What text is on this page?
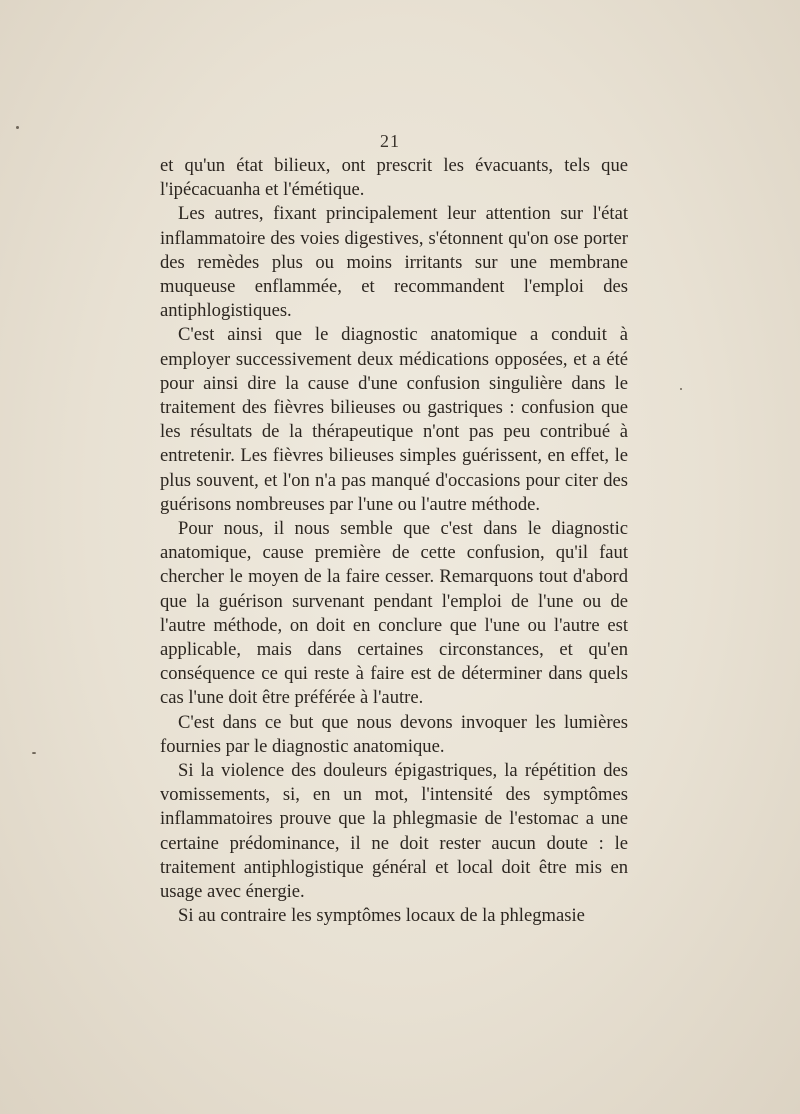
21

et qu'un état bilieux, ont prescrit les évacuants, tels que l'ipécacuanha et l'émétique.

Les autres, fixant principalement leur attention sur l'état inflammatoire des voies digestives, s'étonnent qu'on ose porter des remèdes plus ou moins irritants sur une membrane muqueuse enflammée, et recommandent l'emploi des antiphlogistiques.

C'est ainsi que le diagnostic anatomique a conduit à employer successivement deux médications opposées, et a été pour ainsi dire la cause d'une confusion singulière dans le traitement des fièvres bilieuses ou gastriques : confusion que les résultats de la thérapeutique n'ont pas peu contribué à entretenir. Les fièvres bilieuses simples guérissent, en effet, le plus souvent, et l'on n'a pas manqué d'occasions pour citer des guérisons nombreuses par l'une ou l'autre méthode.

Pour nous, il nous semble que c'est dans le diagnostic anatomique, cause première de cette confusion, qu'il faut chercher le moyen de la faire cesser. Remarquons tout d'abord que la guérison survenant pendant l'emploi de l'une ou de l'autre méthode, on doit en conclure que l'une ou l'autre est applicable, mais dans certaines circonstances, et qu'en conséquence ce qui reste à faire est de déterminer dans quels cas l'une doit être préférée à l'autre.

C'est dans ce but que nous devons invoquer les lumières fournies par le diagnostic anatomique.

Si la violence des douleurs épigastriques, la répétition des vomissements, si, en un mot, l'intensité des symptômes inflammatoires prouve que la phlegmasie de l'estomac a une certaine prédominance, il ne doit rester aucun doute : le traitement antiphlogistique général et local doit être mis en usage avec énergie.

Si au contraire les symptômes locaux de la phlegmasie
